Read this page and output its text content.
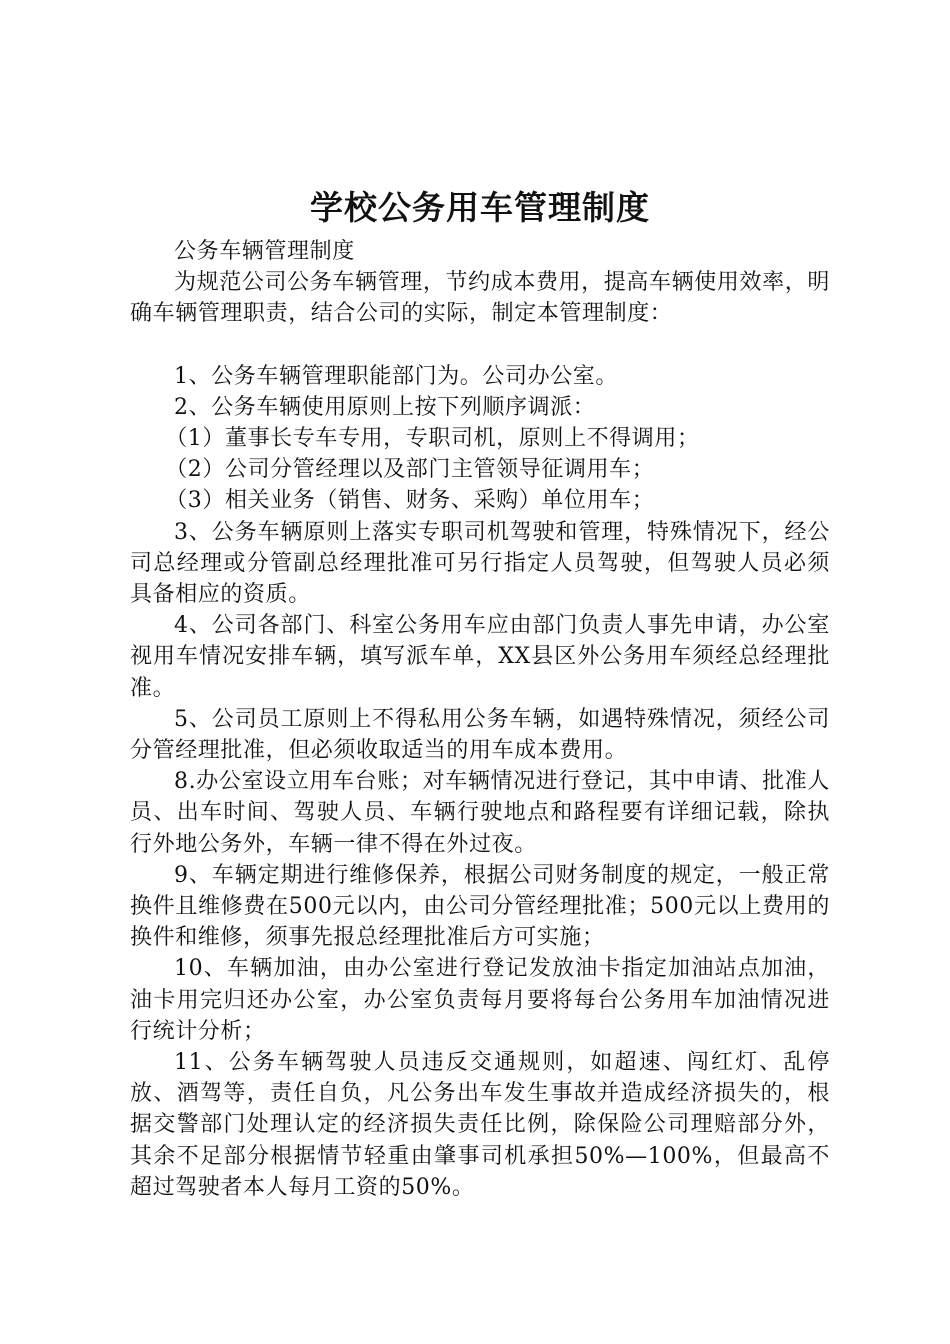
学校公务用车管理制度

公务车辆管理制度

为规范公司公务车辆管理，节约成本费用，提高车辆使用效率，明确车辆管理职责，结合公司的实际，制定本管理制度：

1、公务车辆管理职能部门为。公司办公室。

2、公务车辆使用原则上按下列顺序调派：

（1）董事长专车专用，专职司机，原则上不得调用；

（2）公司分管经理以及部门主管领导征调用车；

（3）相关业务（销售、财务、采购）单位用车；

3、公务车辆原则上落实专职司机驾驶和管理，特殊情况下，经公司总经理或分管副总经理批准可另行指定人员驾驶，但驾驶人员必须具备相应的资质。

4、公司各部门、科室公务用车应由部门负责人事先申请，办公室视用车情况安排车辆，填写派车单，XX县区外公务用车须经总经理批准。

5、公司员工原则上不得私用公务车辆，如遇特殊情况，须经公司分管经理批准，但必须收取适当的用车成本费用。

8.办公室设立用车台账；对车辆情况进行登记，其中申请、批准人员、出车时间、驾驶人员、车辆行驶地点和路程要有详细记载，除执行外地公务外，车辆一律不得在外过夜。

9、车辆定期进行维修保养，根据公司财务制度的规定，一般正常换件且维修费在500元以内，由公司分管经理批准；500元以上费用的换件和维修，须事先报总经理批准后方可实施；

10、车辆加油，由办公室进行登记发放油卡指定加油站点加油，油卡用完归还办公室，办公室负责每月要将每台公务用车加油情况进行统计分析；

11、公务车辆驾驶人员违反交通规则，如超速、闯红灯、乱停放、酒驾等，责任自负，凡公务出车发生事故并造成经济损失的，根据交警部门处理认定的经济损失责任比例，除保险公司理赔部分外，其余不足部分根据情节轻重由肇事司机承担50%—100%，但最高不超过驾驶者本人每月工资的50%。
